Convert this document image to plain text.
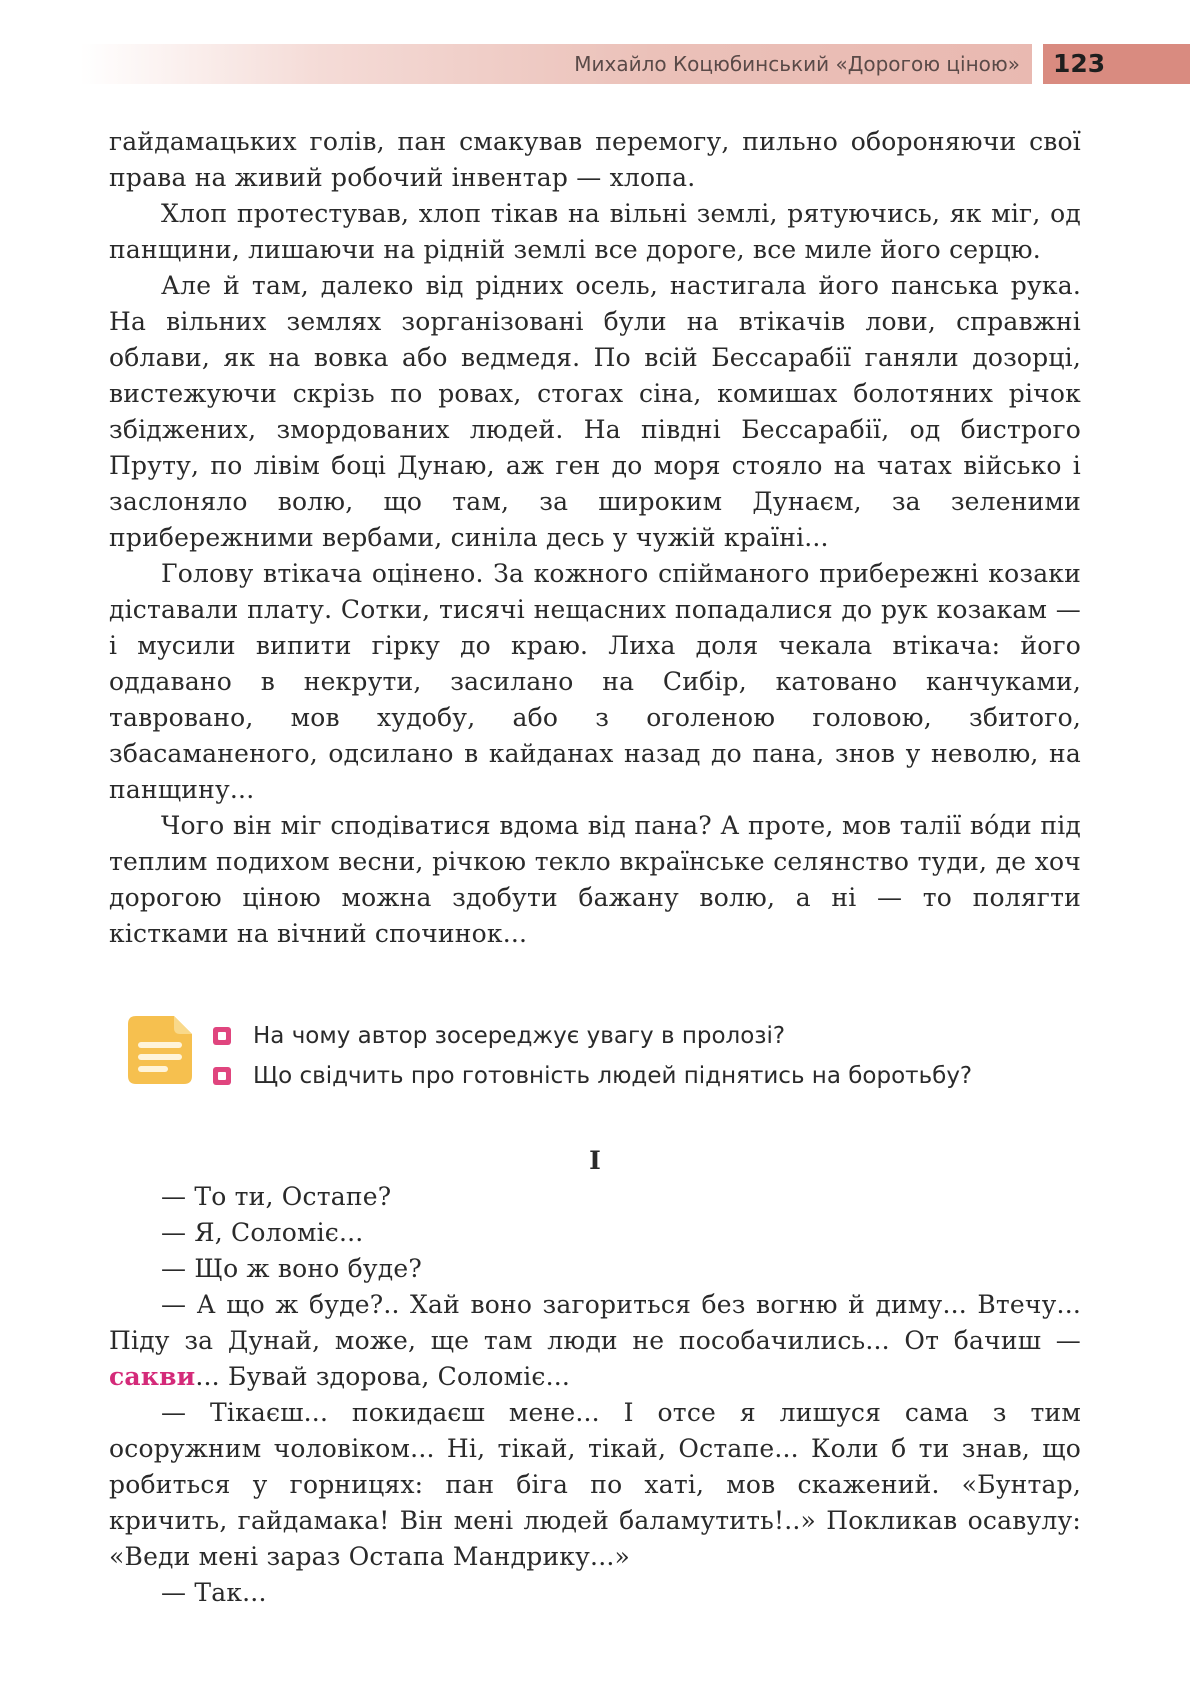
Михайло Коцюбинський «Дорогою ціною» 123

гайдамацьких голів, пан смакував перемогу, пильно обороняючи свої права на живий робочий інвентар — хлопа.

Хлоп протестував, хлоп тікав на вільні землі, рятуючись, як міг, од панщини, лишаючи на рідній землі все дороге, все миле його серцю.

Але й там, далеко від рідних осель, настигала його панська рука. На вільних землях зорганізовані були на втікачів лови, справжні облави, як на вовка або ведмедя. По всій Бессарабії ганяли дозорці, вистежуючи скрізь по ровах, стогах сіна, комишах болотяних річок збіджених, змордованих людей. На півдні Бессарабії, од бистрого Пруту, по лівім боці Дунаю, аж ген до моря стояло на чатах військо і заслоняло волю, що там, за широким Дунаєм, за зеленими прибережними вербами, синіла десь у чужій країні...

Голову втікача оцінено. За кожного спійманого прибережні козаки діставали плату. Сотки, тисячі нещасних попадалися до рук козакам — і мусили випити гірку до краю. Лиха доля чекала втікача: його оддавано в некрути, засилано на Сибір, катовано канчуками, тавровано, мов худобу, або з оголеною головою, збитого, збасаманеного, одсилано в кайданах назад до пана, знов у неволю, на панщину...

Чого він міг сподіватися вдома від пана? А проте, мов талії во́ди під теплим подихом весни, річкою текло вкраїнське селянство туди, де хоч дорогою ціною можна здобути бажану волю, а ні — то полягти кістками на вічний спочинок...

На чому автор зосереджує увагу в пролозі?
Що свідчить про готовність людей піднятись на боротьбу?
I

— То ти, Остапе?

— Я, Соломіє...

— Що ж воно буде?

— А що ж буде?.. Хай воно загориться без вогню й диму... Втечу... Піду за Дунай, може, ще там люди не пособачились... От бачиш — сакви... Бувай здорова, Соломіє...

— Тікаєш... покидаєш мене... І отсе я лишуся сама з тим осоружним чоловіком... Ні, тікай, тікай, Остапе... Коли б ти знав, що робиться у горницях: пан біга по хаті, мов скажений. «Бунтар, кричить, гайдамака! Він мені людей баламутить!..» Покликав осавулу: «Веди мені зараз Остапа Мандрику...»

— Так...
